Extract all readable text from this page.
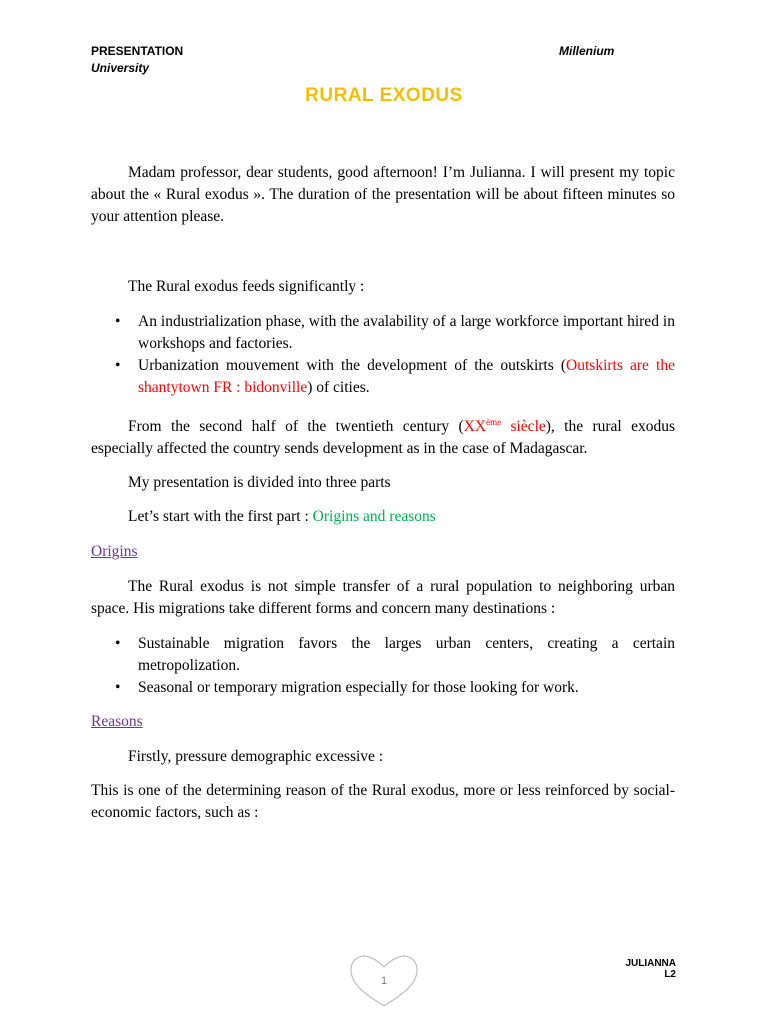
PRESENTATION
University
Millenium
RURAL EXODUS

Madam professor, dear students, good afternoon! I’m Julianna. I will present my topic about the « Rural exodus ». The duration of the presentation will be about fifteen minutes so your attention please.

The Rural exodus feeds significantly :

• An industrialization phase, with the avalability of a large workforce important hired in workshops and factories.
• Urbanization mouvement with the development of the outskirts (Outskirts are the shantytown FR : bidonville) of cities.

From the second half of the twentieth century (XXème siècle), the rural exodus especially affected the country sends development as in the case of Madagascar.

My presentation is divided into three parts

Let’s start with the first part : Origins and reasons

Origins

The Rural exodus is not simple transfer of a rural population to neighboring urban space. His migrations take different forms and concern many destinations :

• Sustainable migration favors the larges urban centers, creating a certain metropolization.
• Seasonal or temporary migration especially for those looking for work.

Reasons

Firstly, pressure demographic excessive :

This is one of the determining reason of the Rural exodus, more or less reinforced by social-economic factors, such as :

JULIANNA
L2
1
